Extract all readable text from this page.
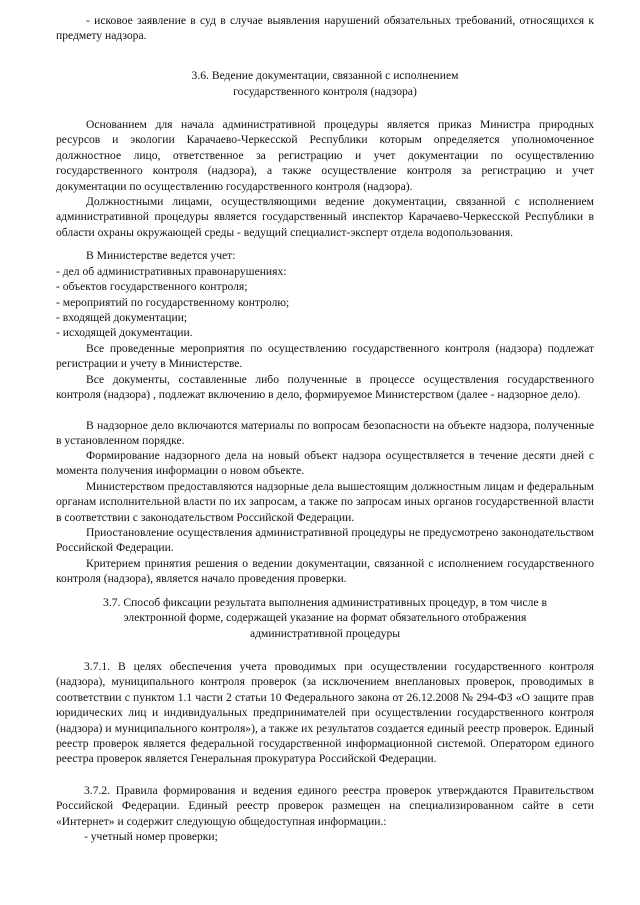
- исковое заявление в суд в случае выявления нарушений обязательных требований, относящихся к предмету надзора.

3.6. Ведение документации, связанной с исполнением

государственного контроля (надзора)

Основанием для начала административной процедуры является приказ Министра природных ресурсов и экологии Карачаево-Черкесской Республики которым определяется уполномоченное должностное лицо, ответственное за регистрацию и учет документации по осуществлению государственного контроля (надзора), а также осуществление контроля за регистрацию и учет документации по осуществлению государственного контроля (надзора).

Должностными лицами, осуществляющими ведение документации, связанной с исполнением административной процедуры является государственный инспектор Карачаево-Черкесской Республики в области охраны окружающей среды - ведущий специалист-эксперт отдела водопользования.

В Министерстве ведется учет:

- дел об административных правонарушениях:

- объектов государственного контроля;

- мероприятий по государственному контролю;

- входящей документации;

- исходящей документации.

Все проведенные мероприятия по осуществлению государственного контроля (надзора) подлежат регистрации и учету в Министерстве.

Все документы, составленные либо полученные в процессе осуществления государственного контроля (надзора) , подлежат включению в дело, формируемое Министерством (далее - надзорное дело).

В надзорное дело включаются материалы по вопросам безопасности на объекте надзора, полученные в установленном порядке.

Формирование надзорного дела на новый объект надзора осуществляется в течение десяти дней с момента получения информации о новом объекте.

Министерством предоставляются надзорные дела вышестоящим должностным лицам и федеральным органам исполнительной власти по их запросам, а также по запросам иных органов государственной власти в соответствии с законодательством Российской Федерации.

Приостановление осуществления административной процедуры не предусмотрено законодательством Российской Федерации.

Критерием принятия решения о ведении документации, связанной с исполнением государственного контроля (надзора), является начало проведения проверки.

3.7. Способ фиксации результата выполнения административных процедур, в том числе в

электронной форме, содержащей указание на формат обязательного отображения

административной процедуры

3.7.1. В целях обеспечения учета проводимых при осуществлении государственного контроля (надзора), муниципального контроля проверок (за исключением внеплановых проверок, проводимых в соответствии с пунктом 1.1 части 2 статьи 10 Федерального закона от 26.12.2008 № 294-ФЗ «О защите прав юридических лиц и индивидуальных предпринимателей при осуществлении государственного контроля (надзора) и муниципального контроля»), а также их результатов создается единый реестр проверок. Единый реестр проверок является федеральной государственной информационной системой. Оператором единого реестра проверок является Генеральная прокуратура Российской Федерации.

3.7.2. Правила формирования и ведения единого реестра проверок утверждаются Правительством Российской Федерации. Единый реестр проверок размещен на специализированном сайте в сети «Интернет» и содержит следующую общедоступная информации.:

- учетный номер проверки;
